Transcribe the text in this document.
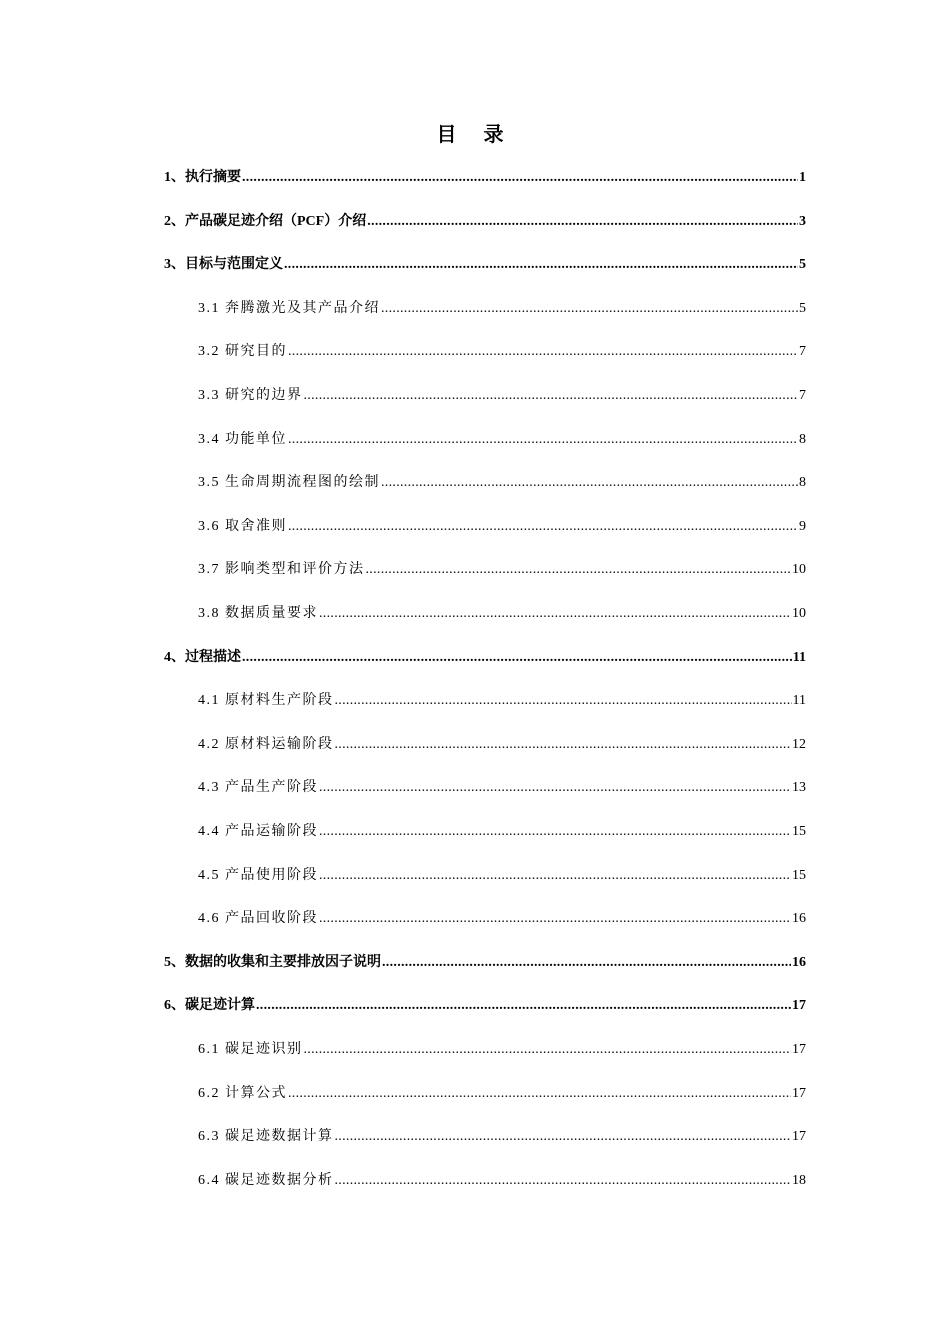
目 录
1、执行摘要 .....	1
2、产品碳足迹介绍（PCF）介绍 .....	3
3、目标与范围定义 .....	5
3.1 奔腾激光及其产品介绍 .....	5
3.2 研究目的 .....	7
3.3 研究的边界 .....	7
3.4 功能单位 .....	8
3.5 生命周期流程图的绘制 .....	8
3.6 取舍准则 .....	9
3.7 影响类型和评价方法 .....	10
3.8 数据质量要求 .....	10
4、过程描述 .....	11
4.1 原材料生产阶段 .....	11
4.2 原材料运输阶段 .....	12
4.3 产品生产阶段 .....	13
4.4 产品运输阶段 .....	15
4.5 产品使用阶段 .....	15
4.6 产品回收阶段 .....	16
5、数据的收集和主要排放因子说明 .....	16
6、碳足迹计算 .....	17
6.1 碳足迹识别 .....	17
6.2 计算公式 .....	17
6.3 碳足迹数据计算 .....	17
6.4 碳足迹数据分析 .....	18
